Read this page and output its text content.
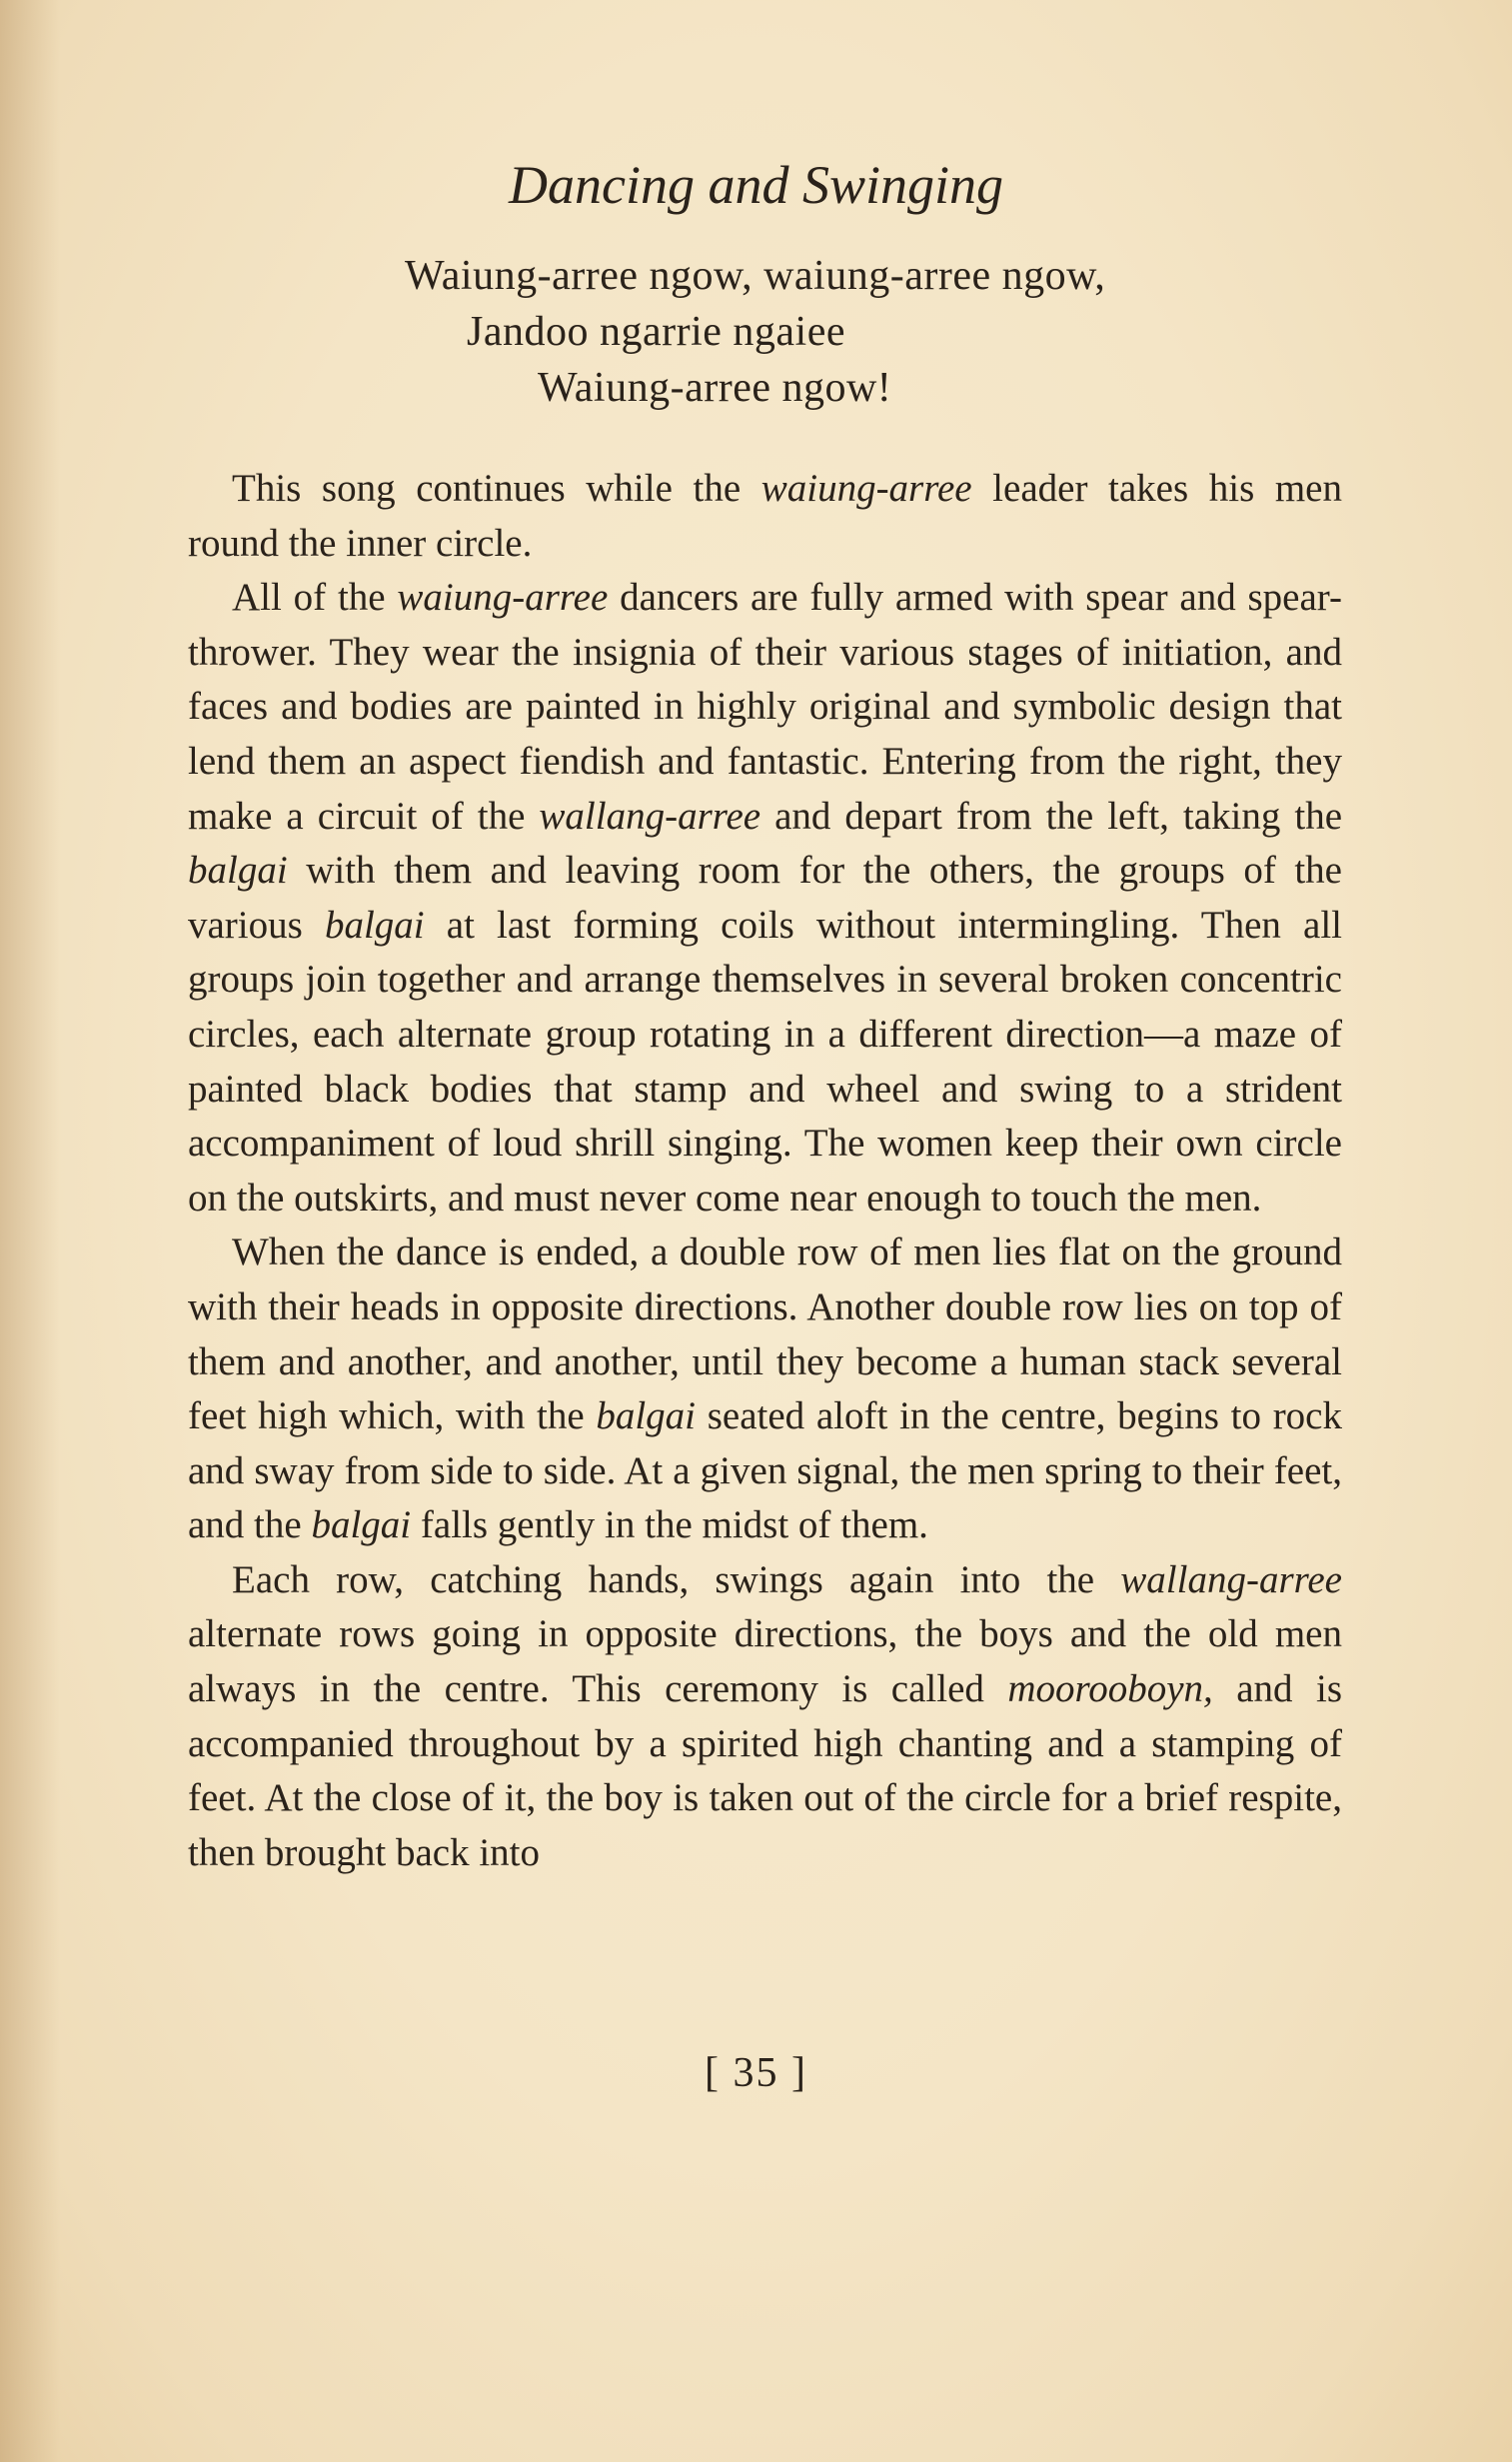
Dancing and Swinging
Waiung-arree ngow, waiung-arree ngow,
Jandoo ngarrie ngaiee
Waiung-arree ngow!

This song continues while the waiung-arree leader takes his men round the inner circle.

All of the waiung-arree dancers are fully armed with spear and spear-thrower. They wear the insignia of their various stages of initiation, and faces and bodies are painted in highly original and symbolic design that lend them an aspect fiendish and fantastic. Entering from the right, they make a circuit of the wallang-arree and depart from the left, taking the balgai with them and leaving room for the others, the groups of the various balgai at last forming coils without intermingling. Then all groups join together and arrange themselves in several broken concentric circles, each alternate group rotating in a different direction—a maze of painted black bodies that stamp and wheel and swing to a strident accompaniment of loud shrill singing. The women keep their own circle on the outskirts, and must never come near enough to touch the men.

When the dance is ended, a double row of men lies flat on the ground with their heads in opposite directions. Another double row lies on top of them and another, and another, until they become a human stack several feet high which, with the balgai seated aloft in the centre, begins to rock and sway from side to side. At a given signal, the men spring to their feet, and the balgai falls gently in the midst of them.

Each row, catching hands, swings again into the wallang-arree alternate rows going in opposite directions, the boys and the old men always in the centre. This ceremony is called moorooboyn, and is accompanied throughout by a spirited high chanting and a stamping of feet. At the close of it, the boy is taken out of the circle for a brief respite, then brought back into

[ 35 ]
